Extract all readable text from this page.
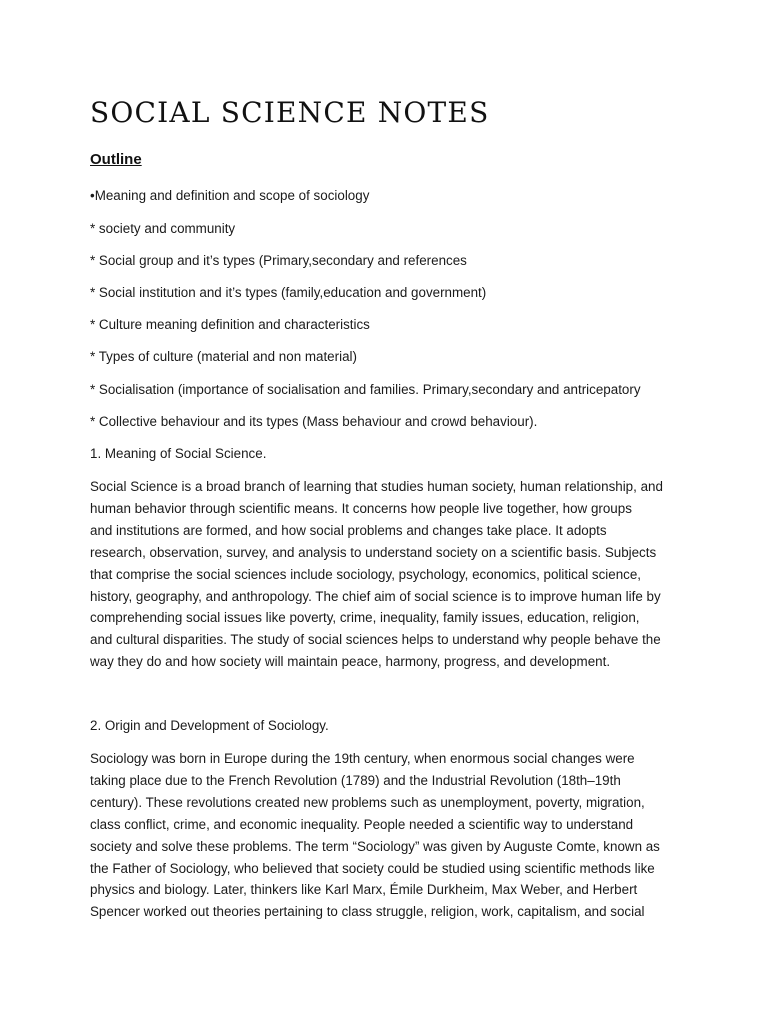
SOCIAL SCIENCE NOTES
Outline

•Meaning and definition and scope of sociology

* society and community

* Social group and it’s types (Primary,secondary and references

* Social institution and it’s types (family,education and government)

* Culture meaning definition and characteristics

* Types of culture (material and non material)

* Socialisation (importance of socialisation and families. Primary,secondary and antricepatory

* Collective behaviour and its types (Mass behaviour and crowd behaviour).

1. Meaning of Social Science.

Social Science is a broad branch of learning that studies human society, human relationship, and
human behavior through scientific means. It concerns how people live together, how groups
and institutions are formed, and how social problems and changes take place. It adopts
research, observation, survey, and analysis to understand society on a scientific basis. Subjects
that comprise the social sciences include sociology, psychology, economics, political science,
history, geography, and anthropology. The chief aim of social science is to improve human life by
comprehending social issues like poverty, crime, inequality, family issues, education, religion,
and cultural disparities. The study of social sciences helps to understand why people behave the
way they do and how society will maintain peace, harmony, progress, and development.

2. Origin and Development of Sociology.

Sociology was born in Europe during the 19th century, when enormous social changes were
taking place due to the French Revolution (1789) and the Industrial Revolution (18th–19th
century). These revolutions created new problems such as unemployment, poverty, migration,
class conflict, crime, and economic inequality. People needed a scientific way to understand
society and solve these problems. The term “Sociology” was given by Auguste Comte, known as
the Father of Sociology, who believed that society could be studied using scientific methods like
physics and biology. Later, thinkers like Karl Marx, Émile Durkheim, Max Weber, and Herbert
Spencer worked out theories pertaining to class struggle, religion, work, capitalism, and social
